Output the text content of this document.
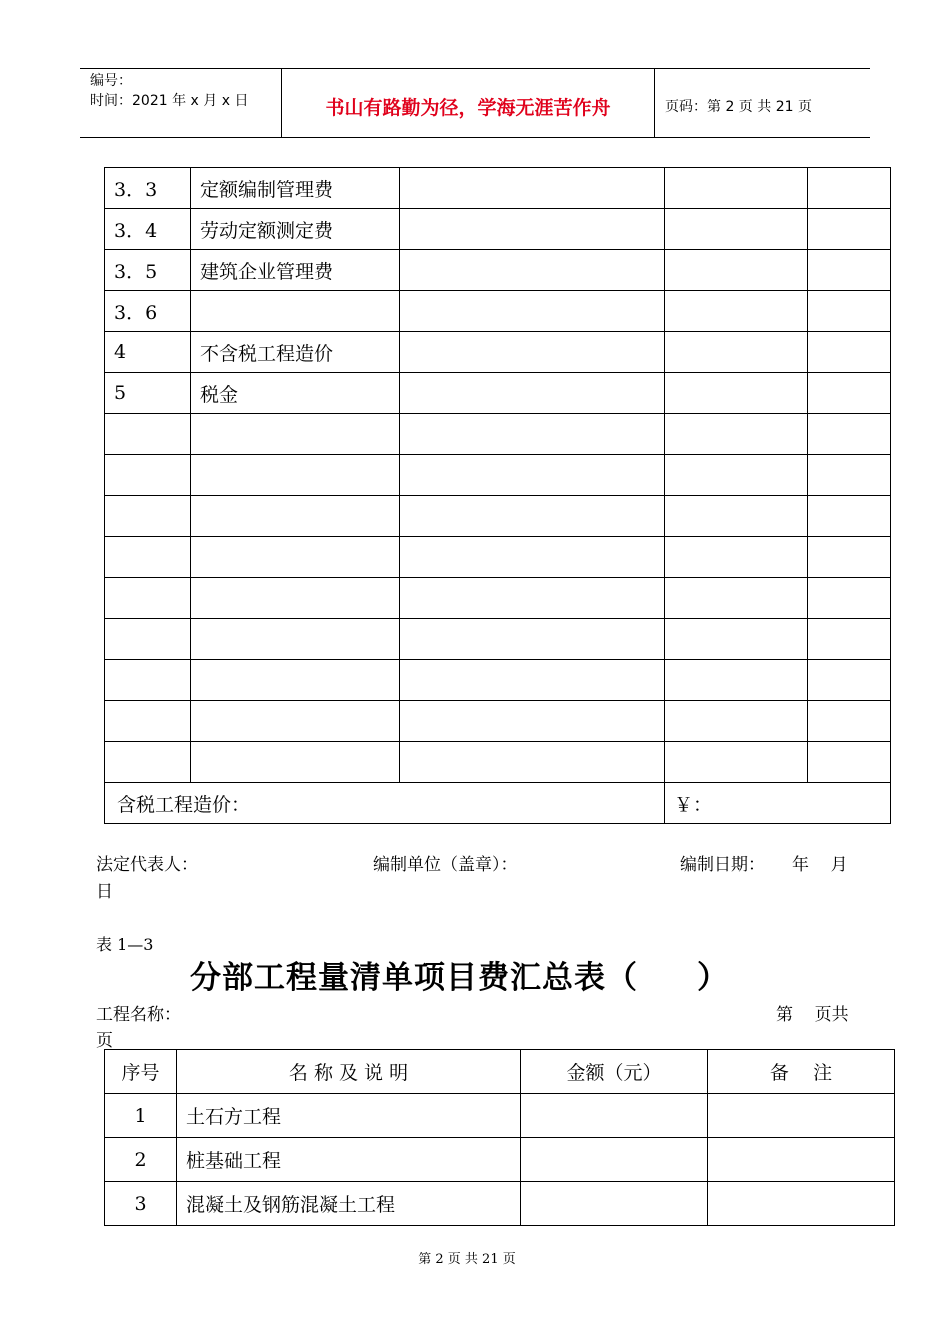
编号：
时间：2021 年 x 月 x 日	书山有路勤为径，学海无涯苦作舟	页码：第 2 页 共 21 页
3．3	定额编制管理费			
3．4	劳动定额测定费			
3．5	建筑企业管理费			
3．6				
4	不含税工程造价			
5	税金			

含税工程造价：			￥：	
法定代表人：	编制单位（盖章）：	编制日期：     年    月
日
表 1—3
分部工程量清单项目费汇总表（     ）
工程名称：	第    页共
页
序号	名 称 及 说 明	金额（元）	备    注
1	土石方工程		
2	桩基础工程		
3	混凝土及钢筋混凝土工程		
第 2 页 共 21 页
